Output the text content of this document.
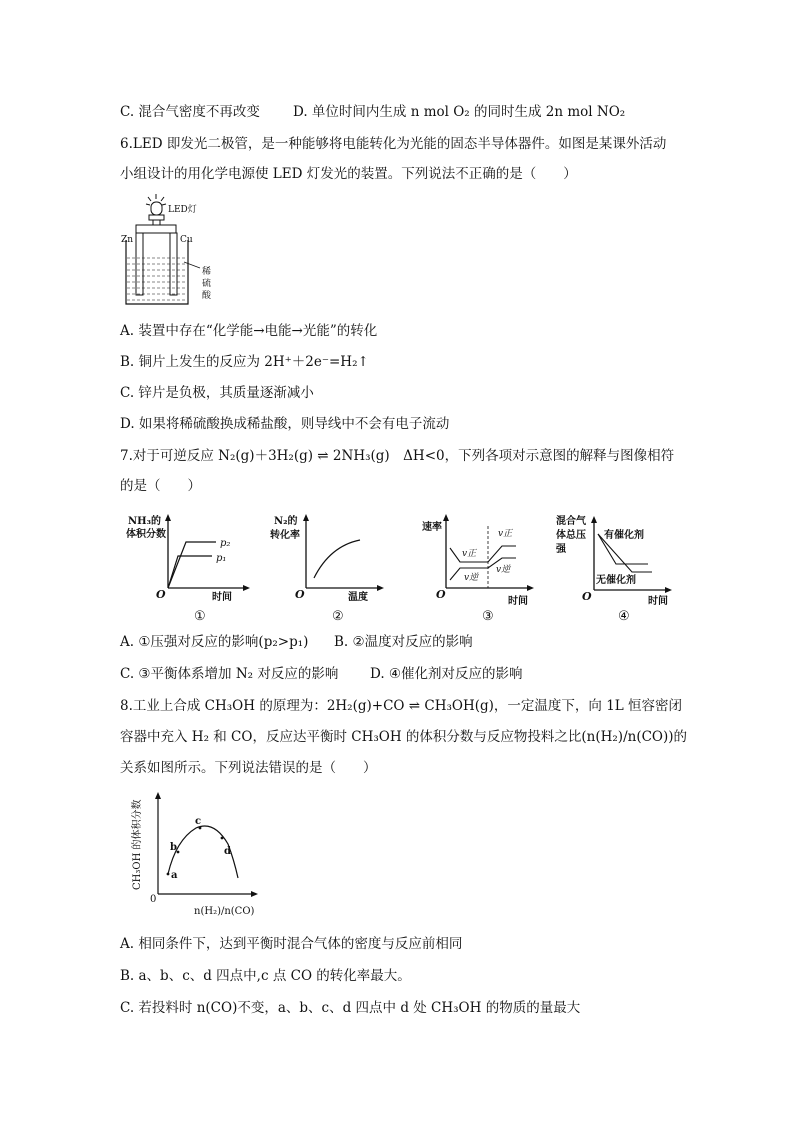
C. 混合气密度不再改变 D. 单位时间内生成 n mol O₂ 的同时生成 2n mol NO₂
6.LED 即发光二极管，是一种能够将电能转化为光能的固态半导体器件。如图是某课外活动
小组设计的用化学电源使 LED 灯发光的装置。下列说法不正确的是（　　）
LED灯
Zn	Cu
稀
硫
酸
A. 装置中存在“化学能→电能→光能”的转化
B. 铜片上发生的反应为 2H⁺＋2e⁻=H₂↑
C. 锌片是负极，其质量逐渐减小
D. 如果将稀硫酸换成稀盐酸，则导线中不会有电子流动
7.对于可逆反应 N₂(g)＋3H₂(g) ⇌ 2NH₃(g)　ΔH<0，下列各项对示意图的解释与图像相符
的是（　　）
NH₃的
体积分数
p₂
p₁
O	时间
①
N₂的
转化率
O	温度
②
速率
v正
v逆
v正
v逆
O
时间
③
混合气
体总压
强
有催化剂
无催化剂
O	时间
④
A. ①压强对反应的影响(p₂>p₁) B. ②温度对反应的影响
C. ③平衡体系增加 N₂ 对反应的影响 D. ④催化剂对反应的影响
8.工业上合成 CH₃OH 的原理为：2H₂(g)+CO ⇌ CH₃OH(g)，一定温度下，向 1L 恒容密闭
容器中充入 H₂ 和 CO，反应达平衡时 CH₃OH 的体积分数与反应物投料之比(n(H₂)/n(CO))的
关系如图所示。下列说法错误的是（　　）
CH₃OH 的体积分数	a
b
c
d
0
n(H₂)/n(CO)
A. 相同条件下，达到平衡时混合气体的密度与反应前相同
B. a、b、c、d 四点中,c 点 CO 的转化率最大。
C. 若投料时 n(CO)不变，a、b、c、d 四点中 d 处 CH₃OH 的物质的量最大
